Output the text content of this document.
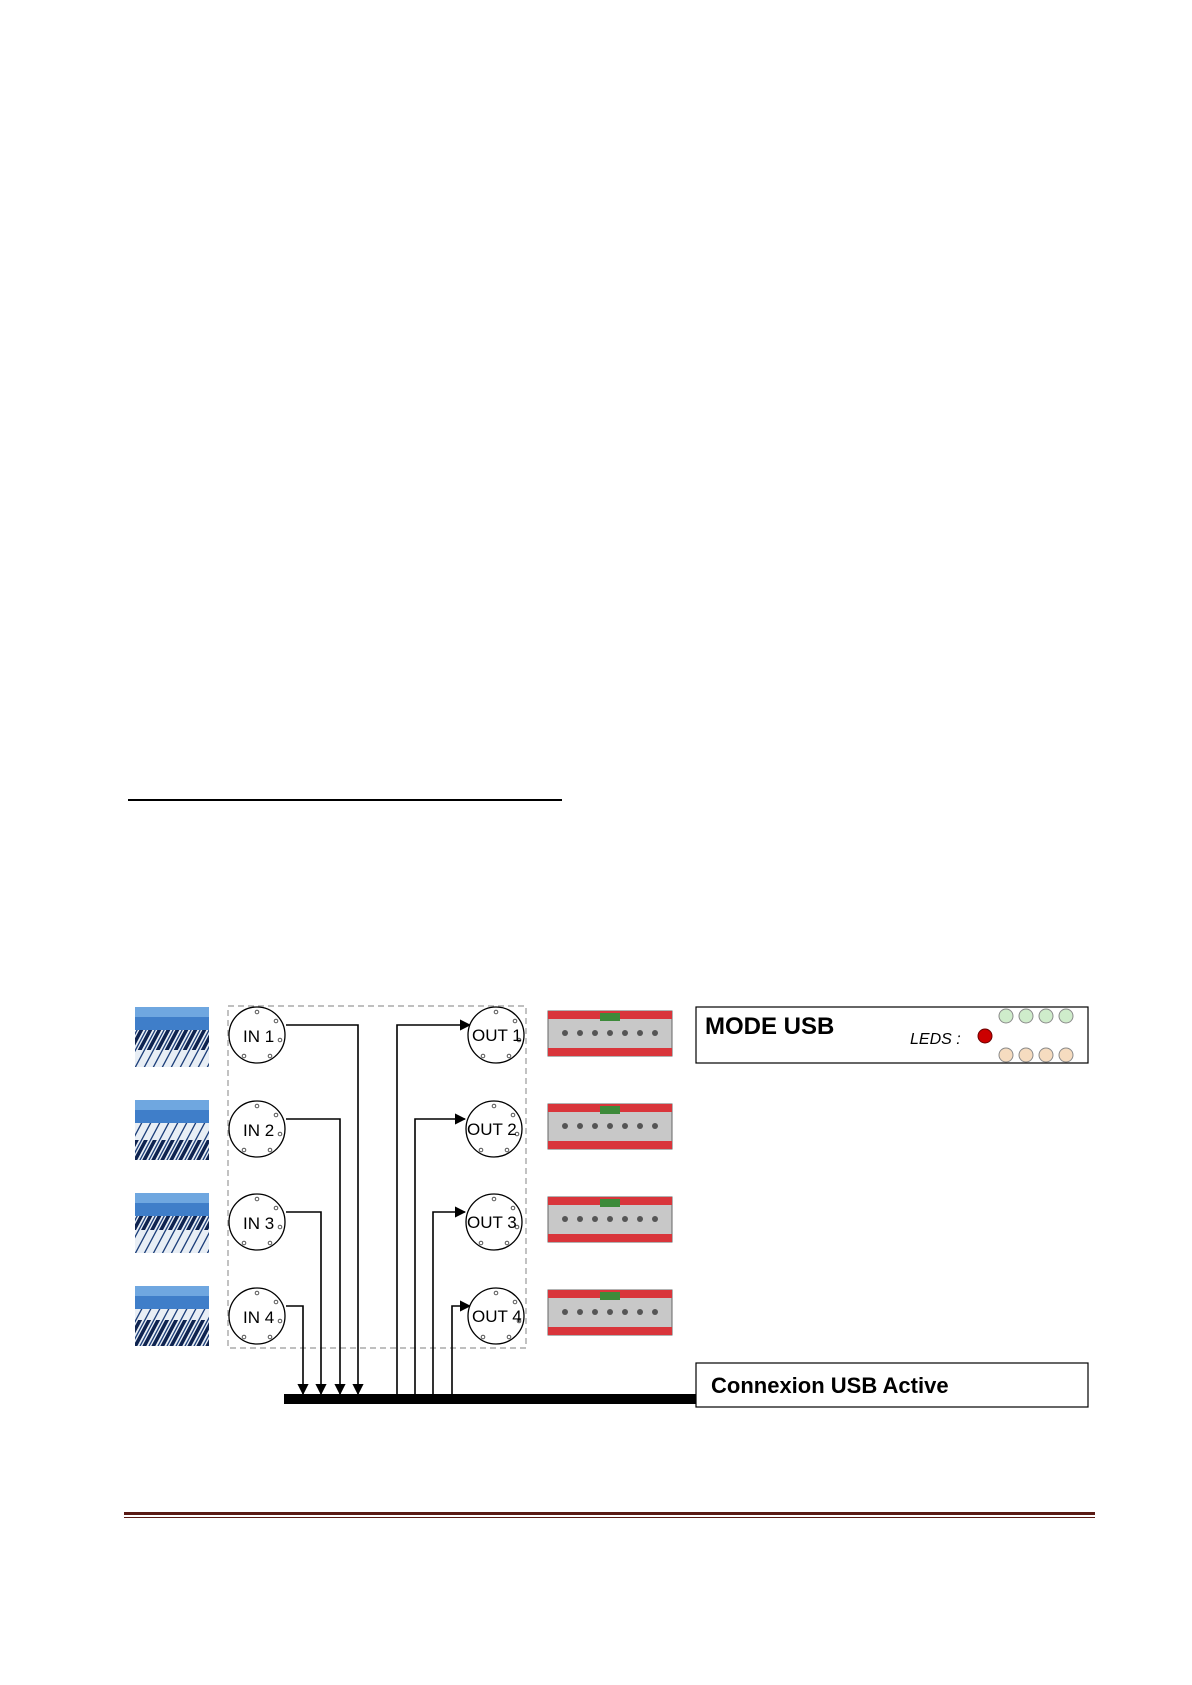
IN 1
IN 2
IN 3
IN 4
OUT 1
OUT 2
OUT 3
OUT 4
MODE USB	LEDS :
Connexion USB Active
